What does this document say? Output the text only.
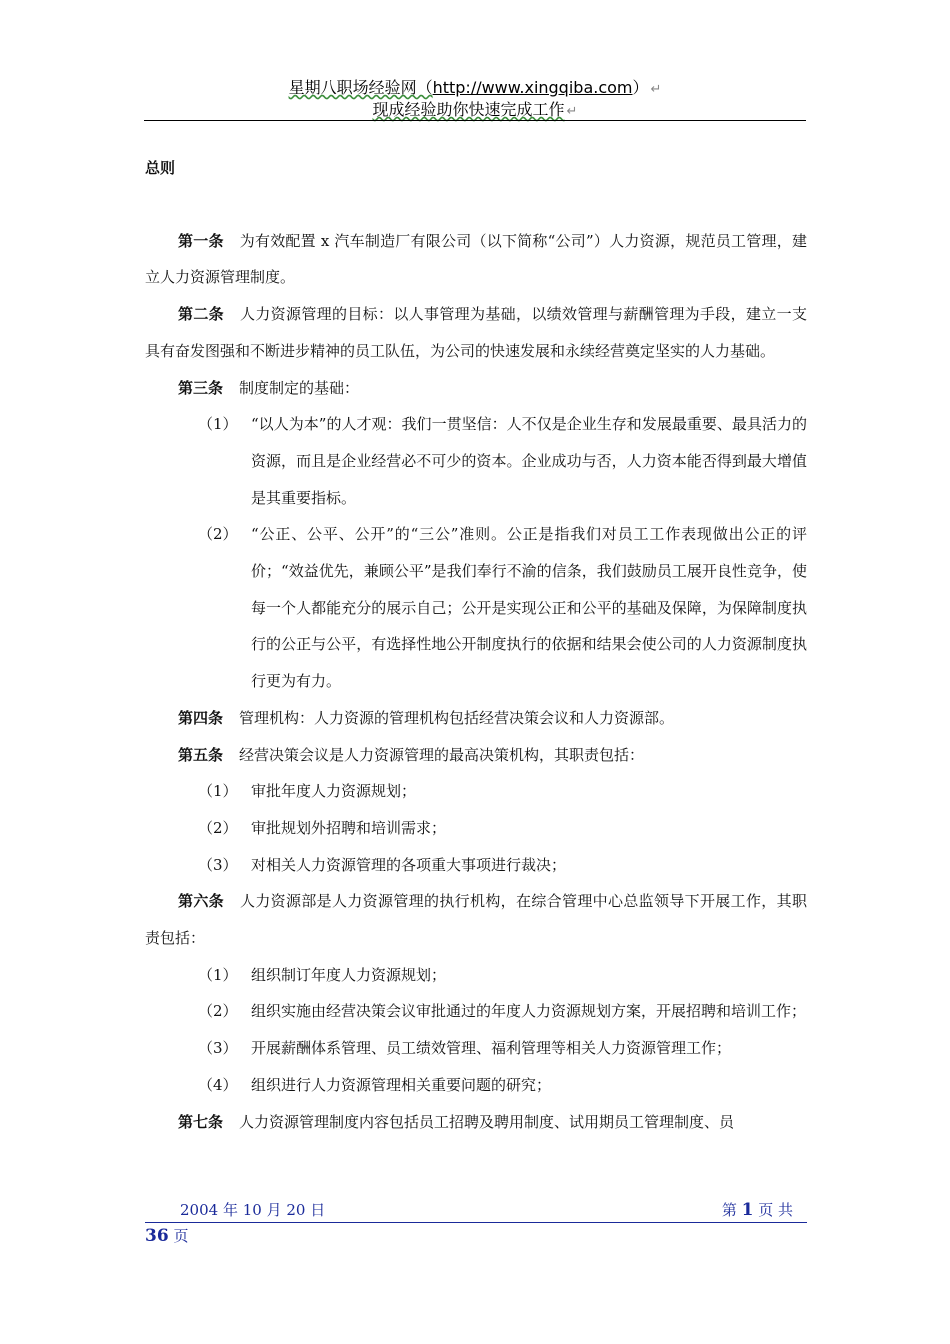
星期八职场经验网（http://www.xingqiba.com） ↵
现成经验助你快速完成工作 ↵
总则

第一条 为有效配置 x 汽车制造厂有限公司（以下简称“公司”）人力资源，规范员工管理，建立人力资源管理制度。

第二条 人力资源管理的目标：以人事管理为基础，以绩效管理与薪酬管理为手段，建立一支具有奋发图强和不断进步精神的员工队伍，为公司的快速发展和永续经营奠定坚实的人力基础。

第三条 制度制定的基础：

（1） “以人为本”的人才观：我们一贯坚信：人不仅是企业生存和发展最重要、最具活力的资源，而且是企业经营必不可少的资本。企业成功与否，人力资本能否得到最大增值是其重要指标。
（2） “公正、公平、公开”的“三公”准则。公正是指我们对员工工作表现做出公正的评价；“效益优先，兼顾公平”是我们奉行不渝的信条，我们鼓励员工展开良性竞争，使每一个人都能充分的展示自己；公开是实现公正和公平的基础及保障，为保障制度执行的公正与公平，有选择性地公开制度执行的依据和结果会使公司的人力资源制度执行更为有力。

第四条 管理机构：人力资源的管理机构包括经营决策会议和人力资源部。

第五条 经营决策会议是人力资源管理的最高决策机构，其职责包括：

（1） 审批年度人力资源规划；
（2） 审批规划外招聘和培训需求；
（3） 对相关人力资源管理的各项重大事项进行裁决；

第六条 人力资源部是人力资源管理的执行机构，在综合管理中心总监领导下开展工作，其职责包括：

（1） 组织制订年度人力资源规划；
（2） 组织实施由经营决策会议审批通过的年度人力资源规划方案，开展招聘和培训工作；
（3） 开展薪酬体系管理、员工绩效管理、福利管理等相关人力资源管理工作；
（4） 组织进行人力资源管理相关重要问题的研究；

第七条 人力资源管理制度内容包括员工招聘及聘用制度、试用期员工管理制度、员

2004 年 10 月 20 日	第 1 页 共
36 页
